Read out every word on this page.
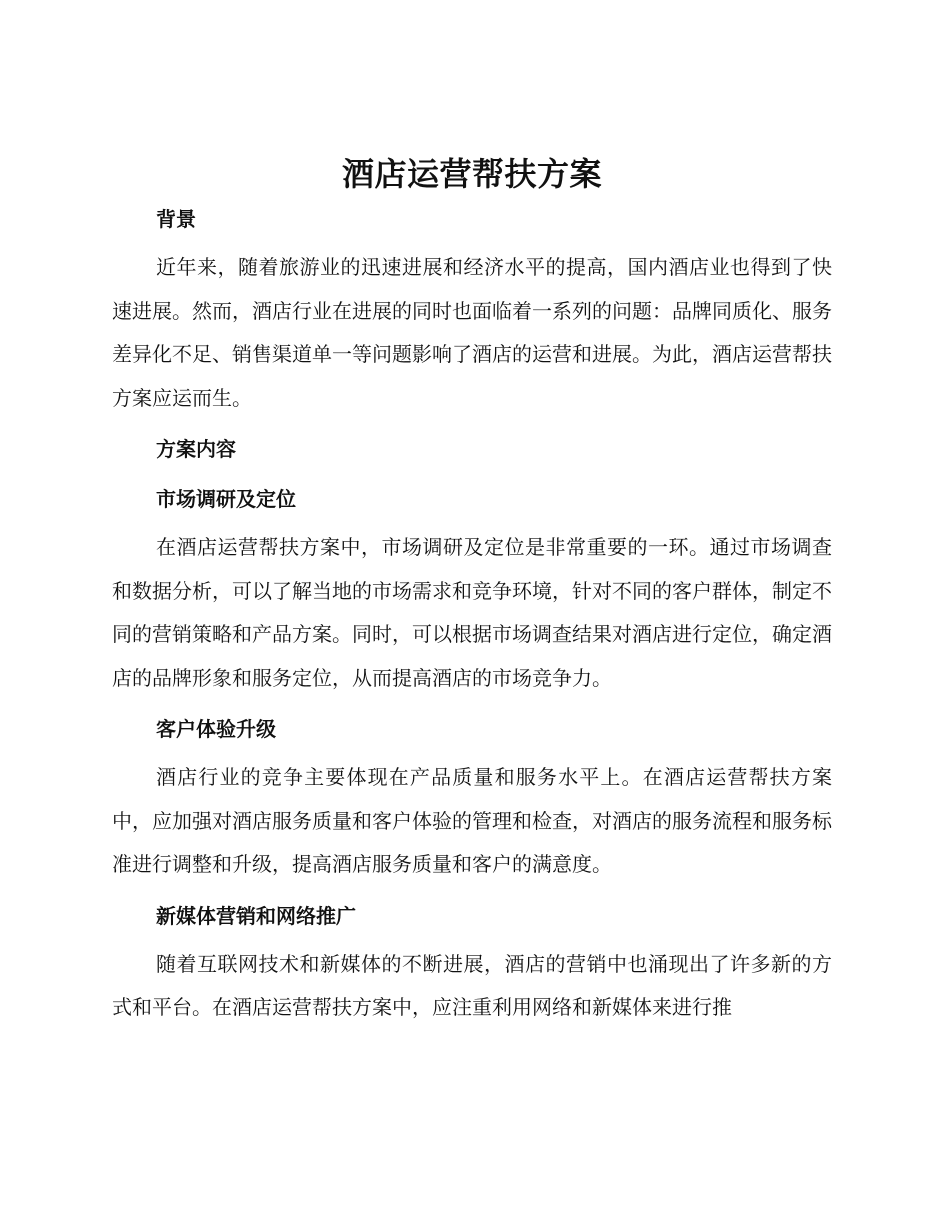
酒店运营帮扶方案
背景

近年来，随着旅游业的迅速进展和经济水平的提高，国内酒店业也得到了快速进展。然而，酒店行业在进展的同时也面临着一系列的问题：品牌同质化、服务差异化不足、销售渠道单一等问题影响了酒店的运营和进展。为此，酒店运营帮扶方案应运而生。

方案内容
市场调研及定位

在酒店运营帮扶方案中，市场调研及定位是非常重要的一环。通过市场调查和数据分析，可以了解当地的市场需求和竞争环境，针对不同的客户群体，制定不同的营销策略和产品方案。同时，可以根据市场调查结果对酒店进行定位，确定酒店的品牌形象和服务定位，从而提高酒店的市场竞争力。

客户体验升级

酒店行业的竞争主要体现在产品质量和服务水平上。在酒店运营帮扶方案中，应加强对酒店服务质量和客户体验的管理和检查，对酒店的服务流程和服务标准进行调整和升级，提高酒店服务质量和客户的满意度。

新媒体营销和网络推广

随着互联网技术和新媒体的不断进展，酒店的营销中也涌现出了许多新的方式和平台。在酒店运营帮扶方案中，应注重利用网络和新媒体来进行推
